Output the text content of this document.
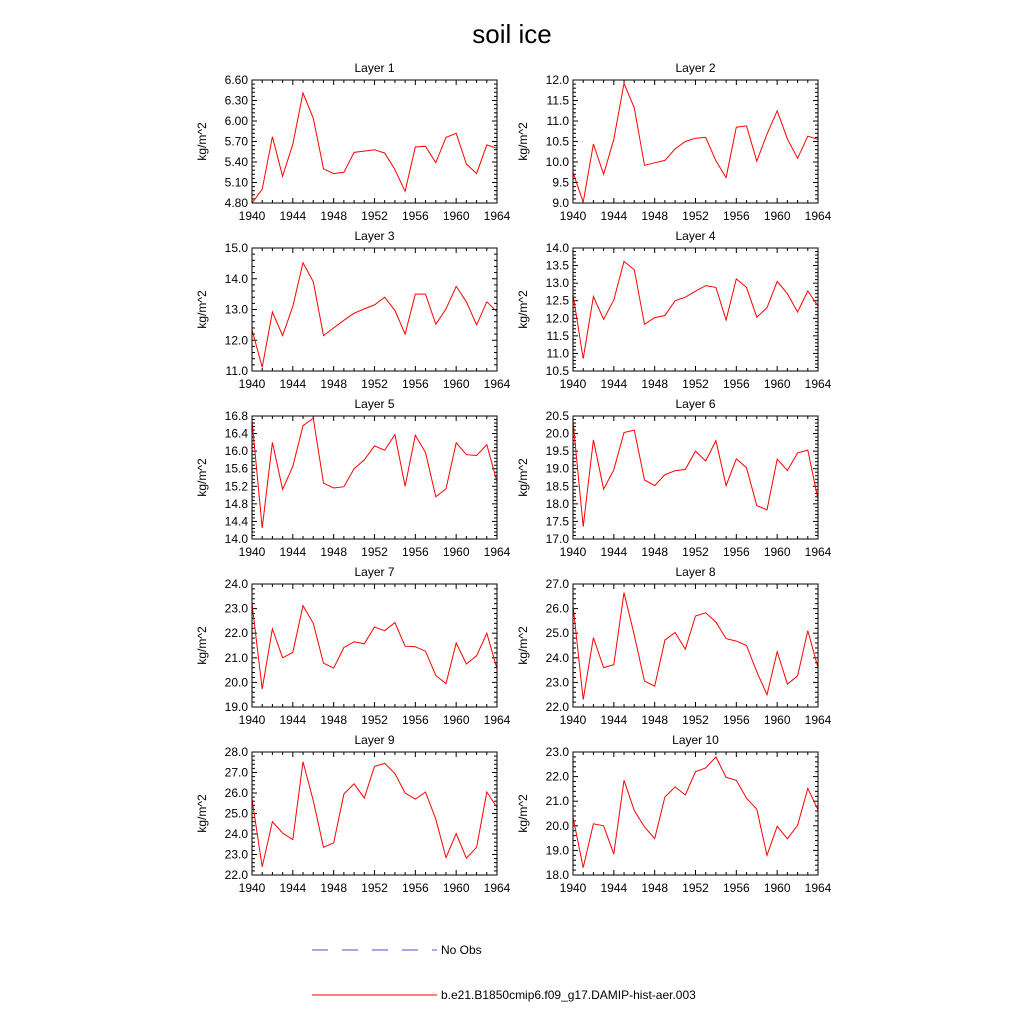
soil ice
Layer 1
1940 1944 1948 1952 1956 1960 1964
4.80
5.10
5.40
5.70
6.00
6.30
6.60
kg/m^2
Layer 2
1940 1944 1948 1952 1956 1960 1964
9.0
9.5
10.0
10.5
11.0
11.5
12.0
kg/m^2
Layer 3
1940 1944 1948 1952 1956 1960 1964
11.0
12.0
13.0
14.0
15.0
kg/m^2
Layer 4
1940 1944 1948 1952 1956 1960 1964
10.5
11.0
11.5
12.0
12.5
13.0
13.5
14.0
kg/m^2
Layer 5
1940 1944 1948 1952 1956 1960 1964
14.0
14.4
14.8
15.2
15.6
16.0
16.4
16.8
kg/m^2
Layer 6
1940 1944 1948 1952 1956 1960 1964
17.0
17.5
18.0
18.5
19.0
19.5
20.0
20.5
kg/m^2
Layer 7
1940 1944 1948 1952 1956 1960 1964
19.0
20.0
21.0
22.0
23.0
24.0
kg/m^2
Layer 8
1940 1944 1948 1952 1956 1960 1964
22.0
23.0
24.0
25.0
26.0
27.0
kg/m^2
Layer 9
1940 1944 1948 1952 1956 1960 1964
22.0
23.0
24.0
25.0
26.0
27.0
28.0
kg/m^2
Layer 10
1940 1944 1948 1952 1956 1960 1964
18.0
19.0
20.0
21.0
22.0
23.0
kg/m^2
No Obs
b.e21.B1850cmip6.f09_g17.DAMIP-hist-aer.003
